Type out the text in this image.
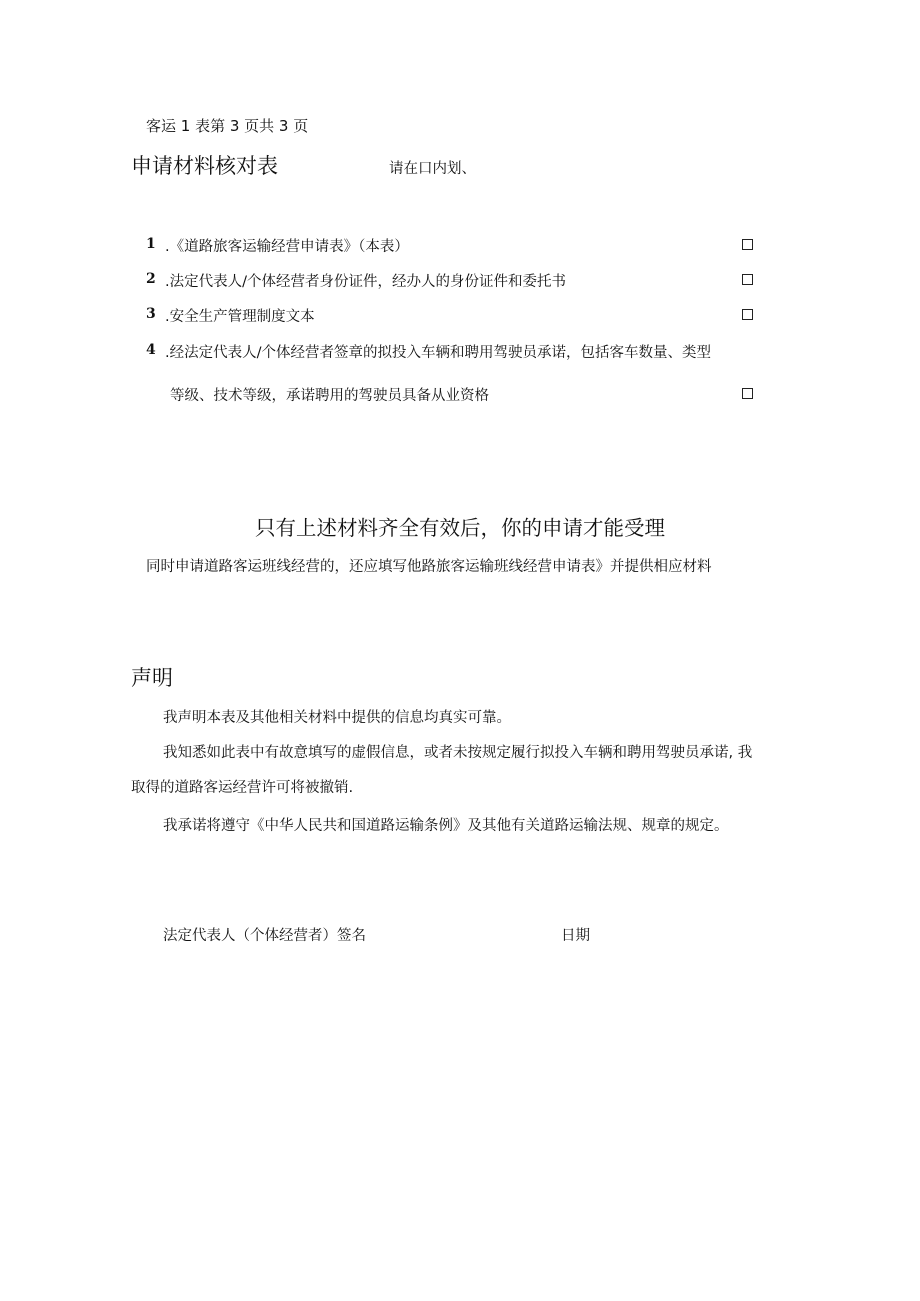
客运 1 表第 3 页共 3 页
申请材料核对表	请在口内划、
1 .《道路旅客运输经营申请表》（本表）
2 .法定代表人/个体经营者身份证件，经办人的身份证件和委托书
3 .安全生产管理制度文本
4 .经法定代表人/个体经营者签章的拟投入车辆和聘用驾驶员承诺，包括客车数量、类型
等级、技术等级，承诺聘用的驾驶员具备从业资格
只有上述材料齐全有效后，你的申请才能受理
同时申请道路客运班线经营的，还应填写他路旅客运输班线经营申请表》并提供相应材料
声明
我声明本表及其他相关材料中提供的信息均真实可靠。
我知悉如此表中有故意填写的虚假信息，或者未按规定履行拟投入车辆和聘用驾驶员承诺, 我
取得的道路客运经营许可将被撤销.
我承诺将遵守《中华人民共和国道路运输条例》及其他有关道路运输法规、规章的规定。
法定代表人（个体经营者）签名	日期
